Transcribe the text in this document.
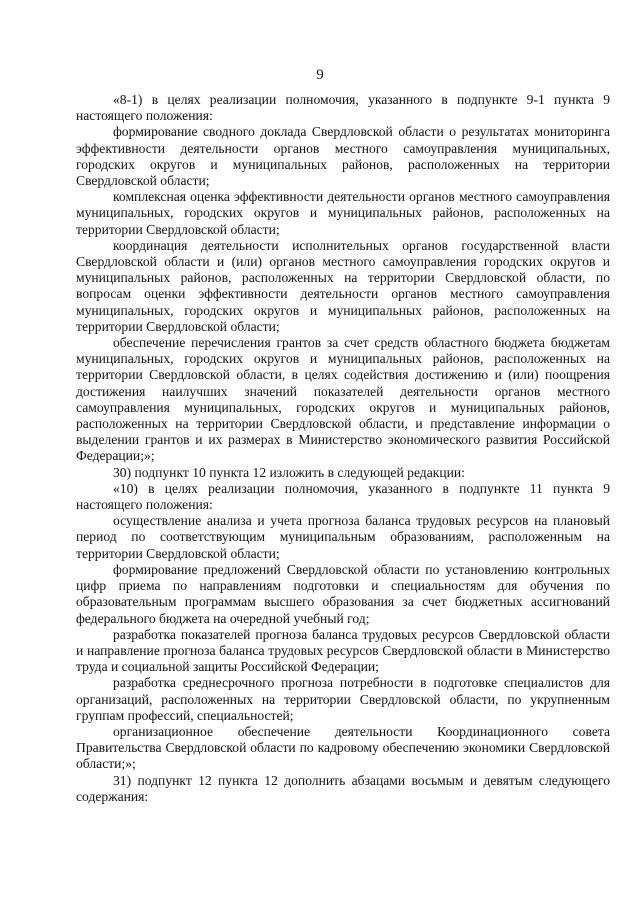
9

«8-1) в целях реализации полномочия, указанного в подпункте 9-1 пункта 9 настоящего положения:

формирование сводного доклада Свердловской области о результатах мониторинга эффективности деятельности органов местного самоуправления муниципальных, городских округов и муниципальных районов, расположенных на территории Свердловской области;

комплексная оценка эффективности деятельности органов местного самоуправления муниципальных, городских округов и муниципальных районов, расположенных на территории Свердловской области;

координация деятельности исполнительных органов государственной власти Свердловской области и (или) органов местного самоуправления городских округов и муниципальных районов, расположенных на территории Свердловской области, по вопросам оценки эффективности деятельности органов местного самоуправления муниципальных, городских округов и муниципальных районов, расположенных на территории Свердловской области;

обеспечение перечисления грантов за счет средств областного бюджета бюджетам муниципальных, городских округов и муниципальных районов, расположенных на территории Свердловской области, в целях содействия достижению и (или) поощрения достижения наилучших значений показателей деятельности органов местного самоуправления муниципальных, городских округов и муниципальных районов, расположенных на территории Свердловской области, и представление информации о выделении грантов и их размерах в Министерство экономического развития Российской Федерации;»;

30) подпункт 10 пункта 12 изложить в следующей редакции:

«10) в целях реализации полномочия, указанного в подпункте 11 пункта 9 настоящего положения:

осуществление анализа и учета прогноза баланса трудовых ресурсов на плановый период по соответствующим муниципальным образованиям, расположенным на территории Свердловской области;

формирование предложений Свердловской области по установлению контрольных цифр приема по направлениям подготовки и специальностям для обучения по образовательным программам высшего образования за счет бюджетных ассигнований федерального бюджета на очередной учебный год;

разработка показателей прогноза баланса трудовых ресурсов Свердловской области и направление прогноза баланса трудовых ресурсов Свердловской области в Министерство труда и социальной защиты Российской Федерации;

разработка среднесрочного прогноза потребности в подготовке специалистов для организаций, расположенных на территории Свердловской области, по укрупненным группам профессий, специальностей;

организационное обеспечение деятельности Координационного совета Правительства Свердловской области по кадровому обеспечению экономики Свердловской области;»;

31) подпункт 12 пункта 12 дополнить абзацами восьмым и девятым следующего содержания:
